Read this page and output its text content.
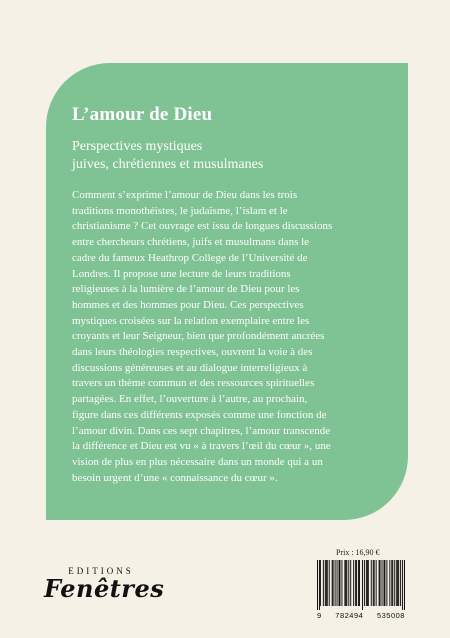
L’amour de Dieu
Perspectives mystiques
juives, chrétiennes et musulmanes
Comment s’exprime l’amour de Dieu dans les trois
traditions monothéistes, le judaïsme, l’islam et le
christianisme ? Cet ouvrage est issu de longues discussions
entre chercheurs chrétiens, juifs et musulmans dans le
cadre du fameux Heathrop College de l’Université de
Londres. Il propose une lecture de leurs traditions
religieuses à la lumière de l’amour de Dieu pour les
hommes et des hommes pour Dieu. Ces perspectives
mystiques croisées sur la relation exemplaire entre les
croyants et leur Seigneur, bien que profondément ancrées
dans leurs théologies respectives, ouvrent la voie à des
discussions généreuses et au dialogue interreligieux à
travers un thème commun et des ressources spirituelles
partagées. En effet, l’ouverture à l’autre, au prochain,
figure dans ces différents exposés comme une fonction de
l’amour divin. Dans ces sept chapitres, l’amour transcende
la différence et Dieu est vu « à travers l’œil du cœur », une
vision de plus en plus nécessaire dans un monde qui a un
besoin urgent d’une « connaissance du cœur ».
EDITIONS
Fenêtres
Prix : 16,90 €
9 782494 535008
